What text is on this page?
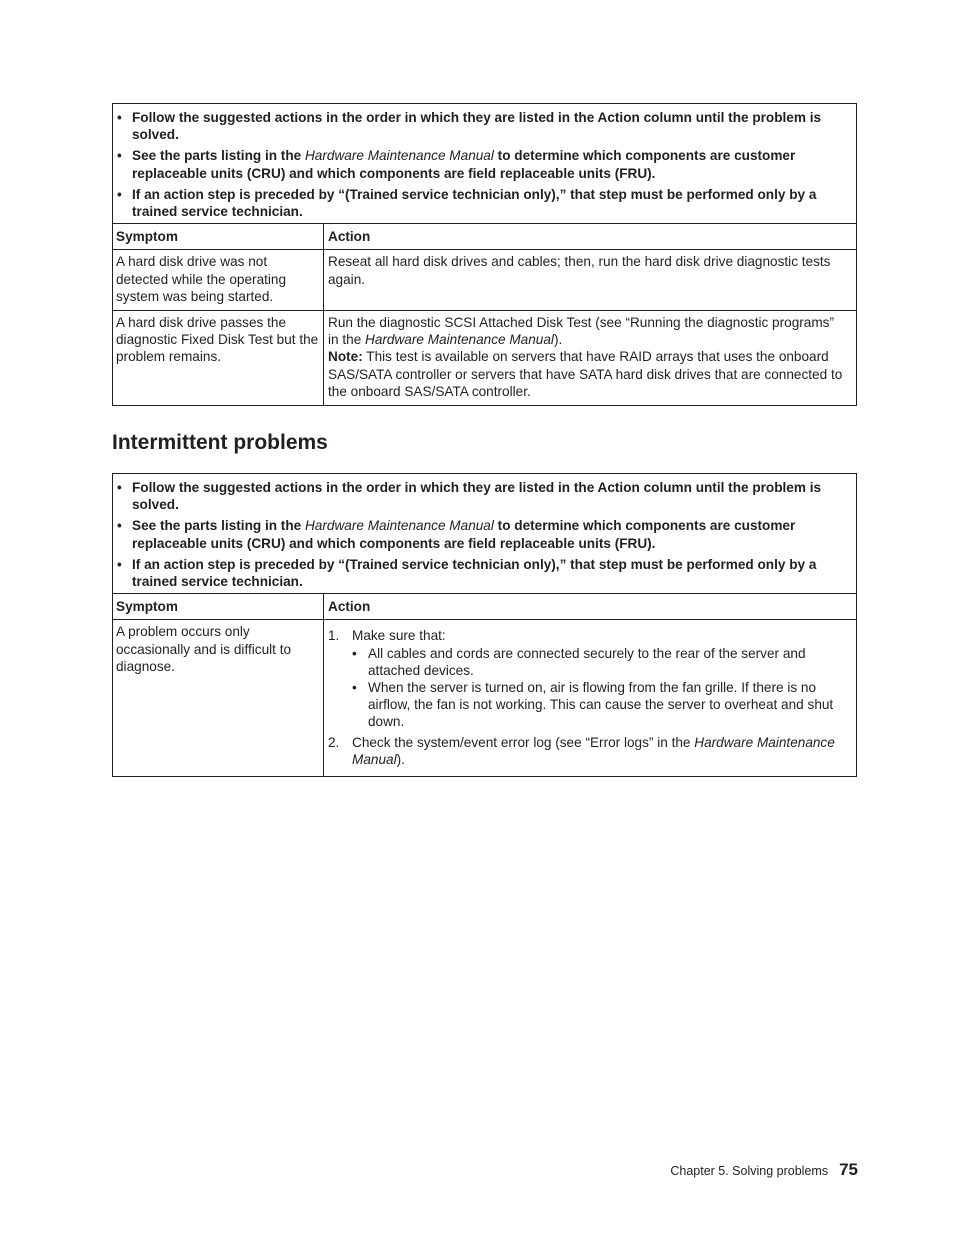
• Follow the suggested actions in the order in which they are listed in the Action column until the problem is solved.
• See the parts listing in the Hardware Maintenance Manual to determine which components are customer replaceable units (CRU) and which components are field replaceable units (FRU).
• If an action step is preceded by “(Trained service technician only),” that step must be performed only by a trained service technician.
Symptom	Action
A hard disk drive was not detected while the operating system was being started.
Reseat all hard disk drives and cables; then, run the hard disk drive diagnostic tests again.
A hard disk drive passes the diagnostic Fixed Disk Test but the problem remains.
Run the diagnostic SCSI Attached Disk Test (see “Running the diagnostic programs” in the Hardware Maintenance Manual).
Note: This test is available on servers that have RAID arrays that uses the onboard SAS/SATA controller or servers that have SATA hard disk drives that are connected to the onboard SAS/SATA controller.
Intermittent problems
• Follow the suggested actions in the order in which they are listed in the Action column until the problem is solved.
• See the parts listing in the Hardware Maintenance Manual to determine which components are customer replaceable units (CRU) and which components are field replaceable units (FRU).
• If an action step is preceded by “(Trained service technician only),” that step must be performed only by a trained service technician.
Symptom	Action
A problem occurs only occasionally and is difficult to diagnose.
1. Make sure that:
• All cables and cords are connected securely to the rear of the server and attached devices.
• When the server is turned on, air is flowing from the fan grille. If there is no airflow, the fan is not working. This can cause the server to overheat and shut down.
2. Check the system/event error log (see “Error logs” in the Hardware Maintenance Manual).
Chapter 5. Solving problems 75
